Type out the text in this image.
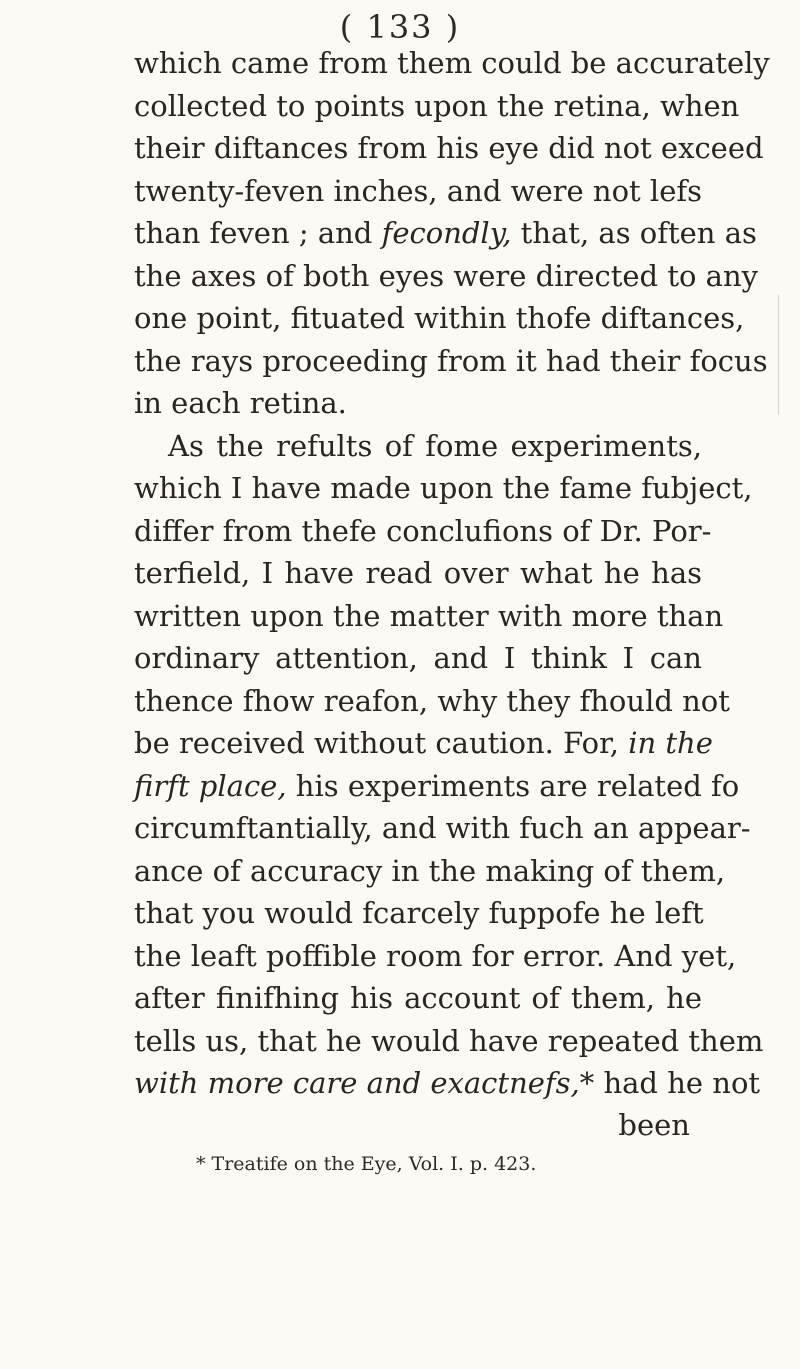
( 133 )
which came from them could be accurately
collected to points upon the retina, when
their diftances from his eye did not exceed
twenty-feven inches, and were not lefs
than feven ; and fecondly, that, as often as
the axes of both eyes were directed to any
one point, fituated within thofe diftances,
the rays proceeding from it had their focus
in each retina.
As the refults of fome experiments,
which I have made upon the fame fubject,
differ from thefe conclufions of Dr. Por-
terfield, I have read over what he has
written upon the matter with more than
ordinary attention, and I think I can
thence fhow reafon, why they fhould not
be received without caution. For, in the
firft place, his experiments are related fo
circumftantially, and with fuch an appear-
ance of accuracy in the making of them,
that you would fcarcely fuppofe he left
the leaft poffible room for error. And yet,
after finifhing his account of them, he
tells us, that he would have repeated them
with more care and exactnefs,* had he not
been
* Treatife on the Eye, Vol. I. p. 423.
